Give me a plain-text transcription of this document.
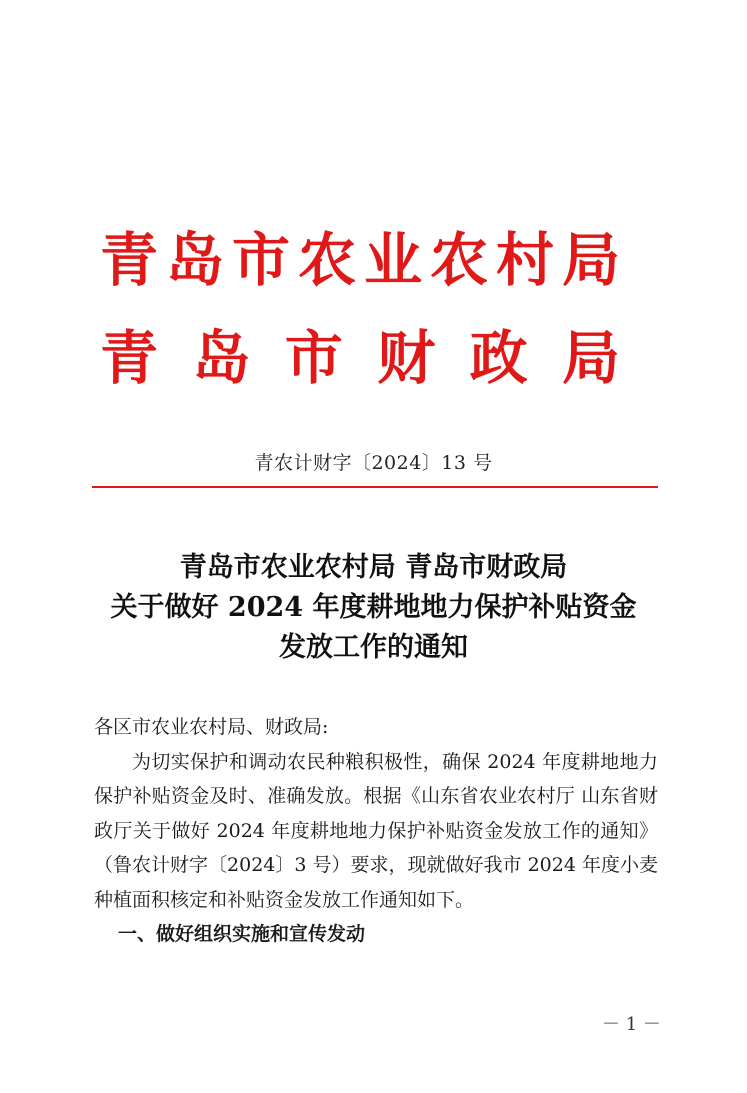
青岛市农业农村局
青岛市财政局
青农计财字〔2024〕13 号
青岛市农业农村局 青岛市财政局
关于做好 2024 年度耕地地力保护补贴资金
发放工作的通知
各区市农业农村局、财政局:
为切实保护和调动农民种粮积极性，确保 2024 年度耕地地力保护补贴资金及时、准确发放。根据《山东省农业农村厅 山东省财政厅关于做好 2024 年度耕地地力保护补贴资金发放工作的通知》（鲁农计财字〔2024〕3 号）要求，现就做好我市 2024 年度小麦种植面积核定和补贴资金发放工作通知如下。
一、做好组织实施和宣传发动
－ 1 －
